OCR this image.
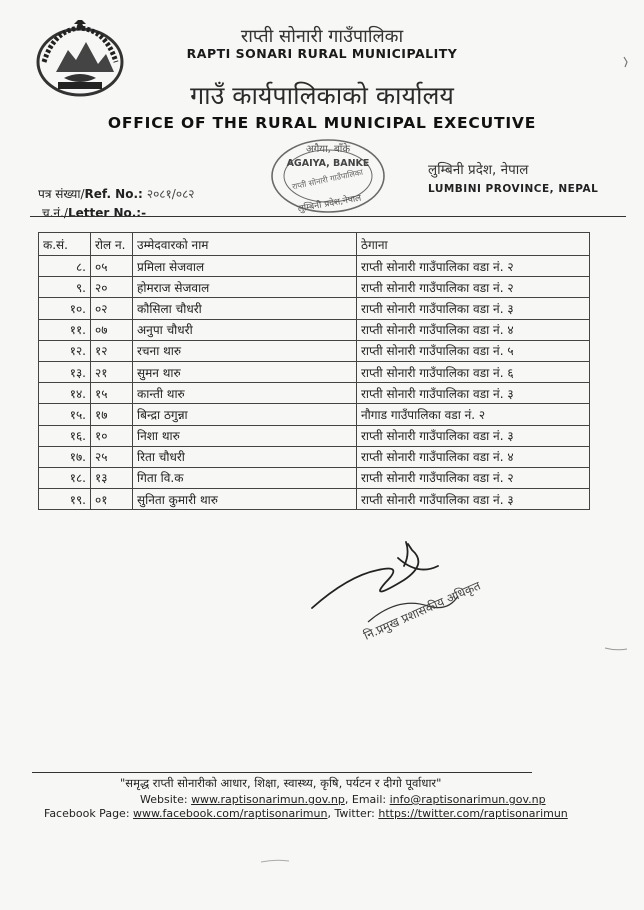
राप्ती सोनारी गाउँपालिका
RAPTI SONARI RURAL MUNICIPALITY
गाउँ कार्यपालिकाको कार्यालय
OFFICE OF THE RURAL MUNICIPAL EXECUTIVE
अगैया, बाँके
AGAIYA, BANKE
राप्ती सोनारी गाउँपालिका
लुम्बिनी प्रदेश,नेपाल
लुम्बिनी प्रदेश, नेपाल
LUMBINI PROVINCE, NEPAL
पत्र संख्या/Ref. No.: २०८१/०८२
च.नं./Letter No.:-
क.सं.	रोल न.	उम्मेदवारको नाम	ठेगाना
८.	०५	प्रमिला सेजवाल	राप्ती सोनारी गाउँपालिका वडा नं. २
९.	२०	होमराज सेजवाल	राप्ती सोनारी गाउँपालिका वडा नं. २
१०.	०२	कौसिला चौधरी	राप्ती सोनारी गाउँपालिका वडा नं. ३
११.	०७	अनुपा चौधरी	राप्ती सोनारी गाउँपालिका वडा नं. ४
१२.	१२	रचना थारु	राप्ती सोनारी गाउँपालिका वडा नं. ५
१३.	२१	सुमन थारु	राप्ती सोनारी गाउँपालिका वडा नं. ६
१४.	१५	कान्ती थारु	राप्ती सोनारी गाउँपालिका वडा नं. ३
१५.	१७	बिन्द्रा ठगुन्ना	नौगाड गाउँपालिका वडा नं. २
१६.	१०	निशा थारु	राप्ती सोनारी गाउँपालिका वडा नं. ३
१७.	२५	रिता चौधरी	राप्ती सोनारी गाउँपालिका वडा नं. ४
१८.	१३	गिता वि.क	राप्ती सोनारी गाउँपालिका वडा नं. २
१९.	०१	सुनिता कुमारी थारु	राप्ती सोनारी गाउँपालिका वडा नं. ३
नि.प्रमुख प्रशासकीय अधिकृत
"समृद्ध राप्ती सोनारीको आधार, शिक्षा, स्वास्थ्य, कृषि, पर्यटन र दीगो पूर्वाधार"
Website: www.raptisonarimun.gov.np, Email: info@raptisonarimun.gov.np
Facebook Page: www.facebook.com/raptisonarimun, Twitter: https://twitter.com/raptisonarimun
